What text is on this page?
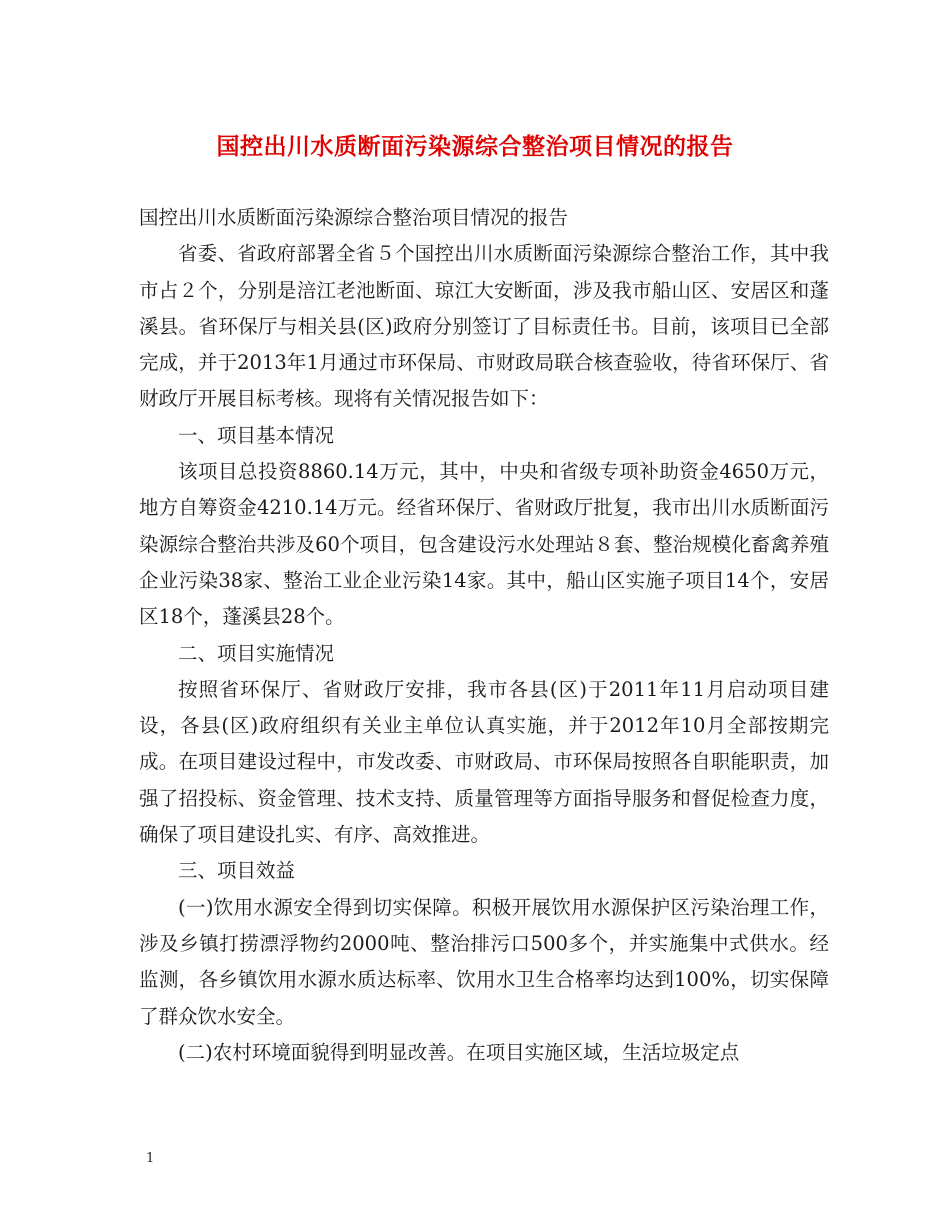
国控出川水质断面污染源综合整治项目情况的报告

国控出川水质断面污染源综合整治项目情况的报告

省委、省政府部署全省５个国控出川水质断面污染源综合整治工作，其中我市占２个，分别是涪江老池断面、琼江大安断面，涉及我市船山区、安居区和蓬溪县。省环保厅与相关县(区)政府分别签订了目标责任书。目前，该项目已全部完成，并于2013年1月通过市环保局、市财政局联合核查验收，待省环保厅、省财政厅开展目标考核。现将有关情况报告如下：

一、项目基本情况

该项目总投资8860.14万元，其中，中央和省级专项补助资金4650万元，地方自筹资金4210.14万元。经省环保厅、省财政厅批复，我市出川水质断面污染源综合整治共涉及60个项目，包含建设污水处理站８套、整治规模化畜禽养殖企业污染38家、整治工业企业污染14家。其中，船山区实施子项目14个，安居区18个，蓬溪县28个。

二、项目实施情况

按照省环保厅、省财政厅安排，我市各县(区)于2011年11月启动项目建设，各县(区)政府组织有关业主单位认真实施，并于2012年10月全部按期完成。在项目建设过程中，市发改委、市财政局、市环保局按照各自职能职责，加强了招投标、资金管理、技术支持、质量管理等方面指导服务和督促检查力度，确保了项目建设扎实、有序、高效推进。

三、项目效益

(一)饮用水源安全得到切实保障。积极开展饮用水源保护区污染治理工作，涉及乡镇打捞漂浮物约2000吨、整治排污口500多个，并实施集中式供水。经监测，各乡镇饮用水源水质达标率、饮用水卫生合格率均达到100%，切实保障了群众饮水安全。

(二)农村环境面貌得到明显改善。在项目实施区域，生活垃圾定点

1
